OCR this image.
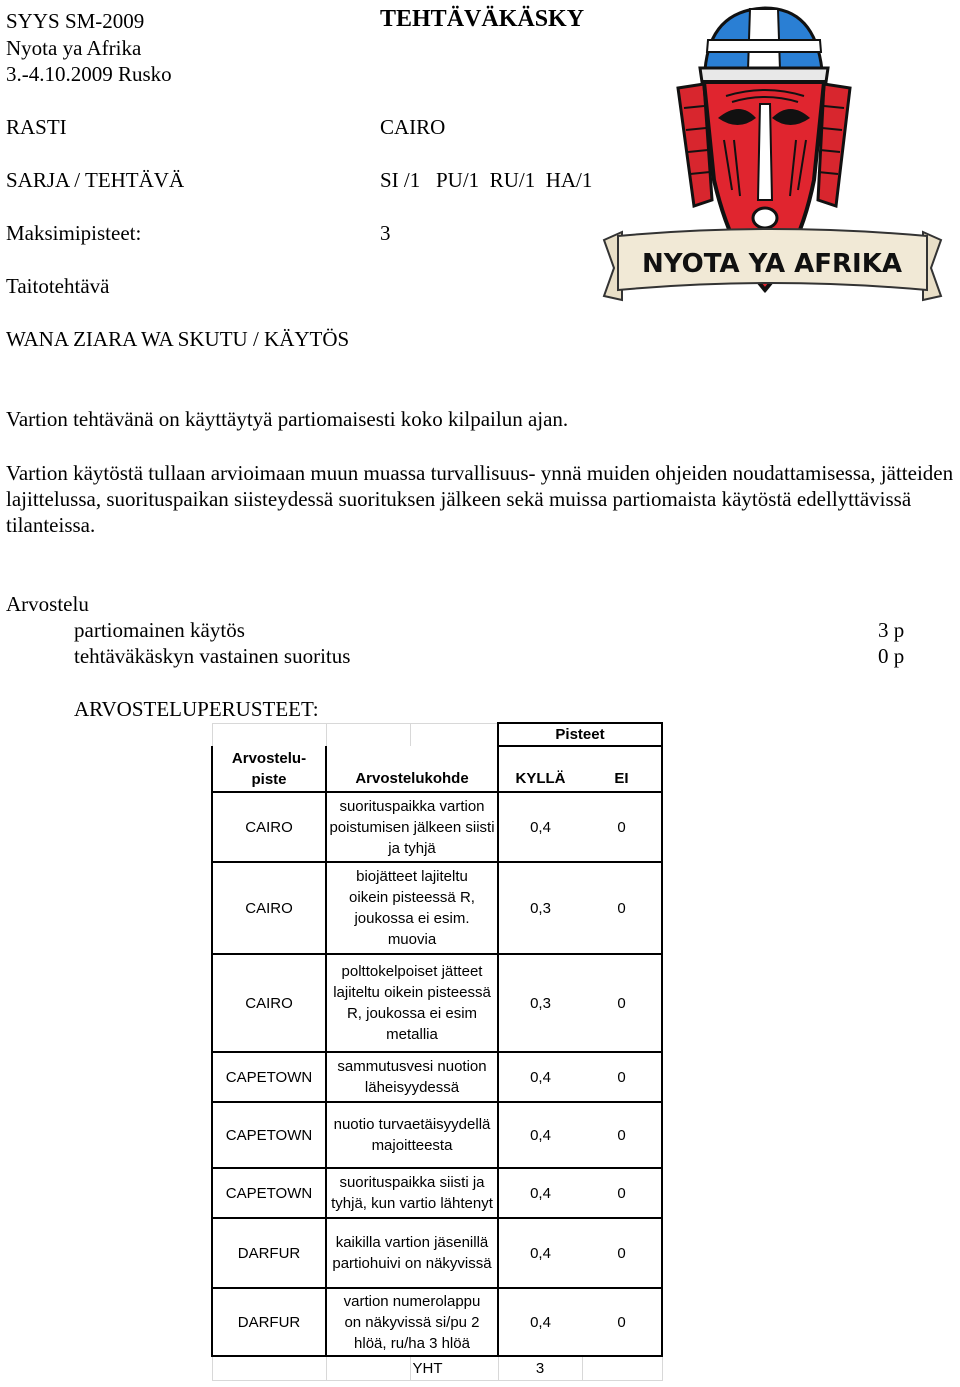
SYYS SM-2009
Nyota ya Afrika
3.-4.10.2009 Rusko
TEHTÄVÄKÄSKY
RASTI	CAIRO
SARJA / TEHTÄVÄ	SI /1   PU/1  RU/1  HA/1
Maksimipisteet:	3
Taitotehtävä
WANA ZIARA WA SKUTU / KÄYTÖS
NYOTA YA AFRIKA
Vartion tehtävänä on käyttäytyä partiomaisesti koko kilpailun ajan.
Vartion käytöstä tullaan arvioimaan muun muassa turvallisuus- ynnä muiden ohjeiden noudattamisessa, jätteiden lajittelussa, suorituspaikan siisteydessä suorituksen jälkeen sekä muissa partiomaista käytöstä edellyttävissä tilanteissa.
Arvostelu
partiomainen käytös	3 p
tehtäväkäskyn vastainen suoritus	0 p
ARVOSTELUPERUSTEET:
			Pisteet	
Arvostelu-
piste	Arvostelukohde		KYLLÄ	EI
CAIRO	suorituspaikka vartion poistumisen jälkeen siisti ja tyhjä		0,4	0
CAIRO	biojätteet lajiteltu oikein pisteessä R, joukossa ei esim. muovia		0,3	0
CAIRO	polttokelpoiset jätteet lajiteltu oikein pisteessä R, joukossa ei esim metallia		0,3	0
CAPETOWN	sammutusvesi nuotion läheisyydessä		0,4	0
CAPETOWN	nuotio turvaetäisyydellä majoitteesta		0,4	0
CAPETOWN	suorituspaikka siisti ja tyhjä, kun vartio lähtenyt		0,4	0
DARFUR	kaikilla vartion jäsenillä partiohuivi on näkyvissä		0,4	0
DARFUR	vartion numerolappu on näkyvissä si/pu 2 hlöä, ru/ha 3 hlöä		0,4	0
		YHT	3	
